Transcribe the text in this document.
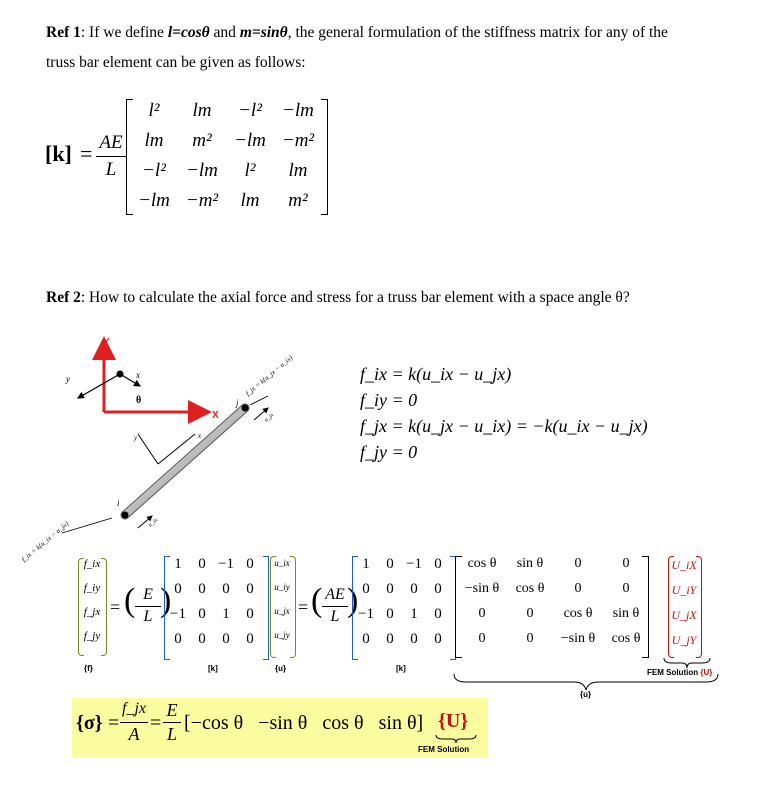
Ref 1: If we define l=cosθ and m=sinθ, the general formulation of the stiffness matrix for any of the
truss bar element can be given as follows:
[k] = AE
L
l²	lm	−l²	−lm
lm	m²	−lm −m²
−l²	−lm	l²	lm
−lm −m²	lm	m²
Ref 2: How to calculate the axial force and stress for a truss bar element with a space angle θ?
Y
X
y	x
θ
i
j
x
y
u_ix
u_jx
f_jx = k(u_jx − u_ix)
f_ix = k(u_ix − u_jx)
f_ix = k(u_ix − u_jx)
f_iy = 0
f_jx = k(u_jx − u_ix) = −k(u_ix − u_jx)
f_jy = 0
f_ix
f_iy
f_jx
f_jy
{f}
= ( E
L )
1	0 −1 0
0	0	0	0
−1 0	1	0
0	0	0	0
[k]
u_ix
u_iy
u_jx
u_jy
{u}
= ( AE
L )
1	0 −1 0
0	0	0	0
−1 0	1	0
0	0	0	0
[k]
cos θ	sin θ	0	0
−sin θ	cos θ	0	0
0	0	cos θ	sin θ
0	0	−sin θ	cos θ
U_iX
U_iY
U_jX
U_jY
FEM Solution {U}
{u}
{σ} =
f_jx
A =
E
L [−cos θ   −sin θ   cos θ   sin θ] {U}
FEM Solution
